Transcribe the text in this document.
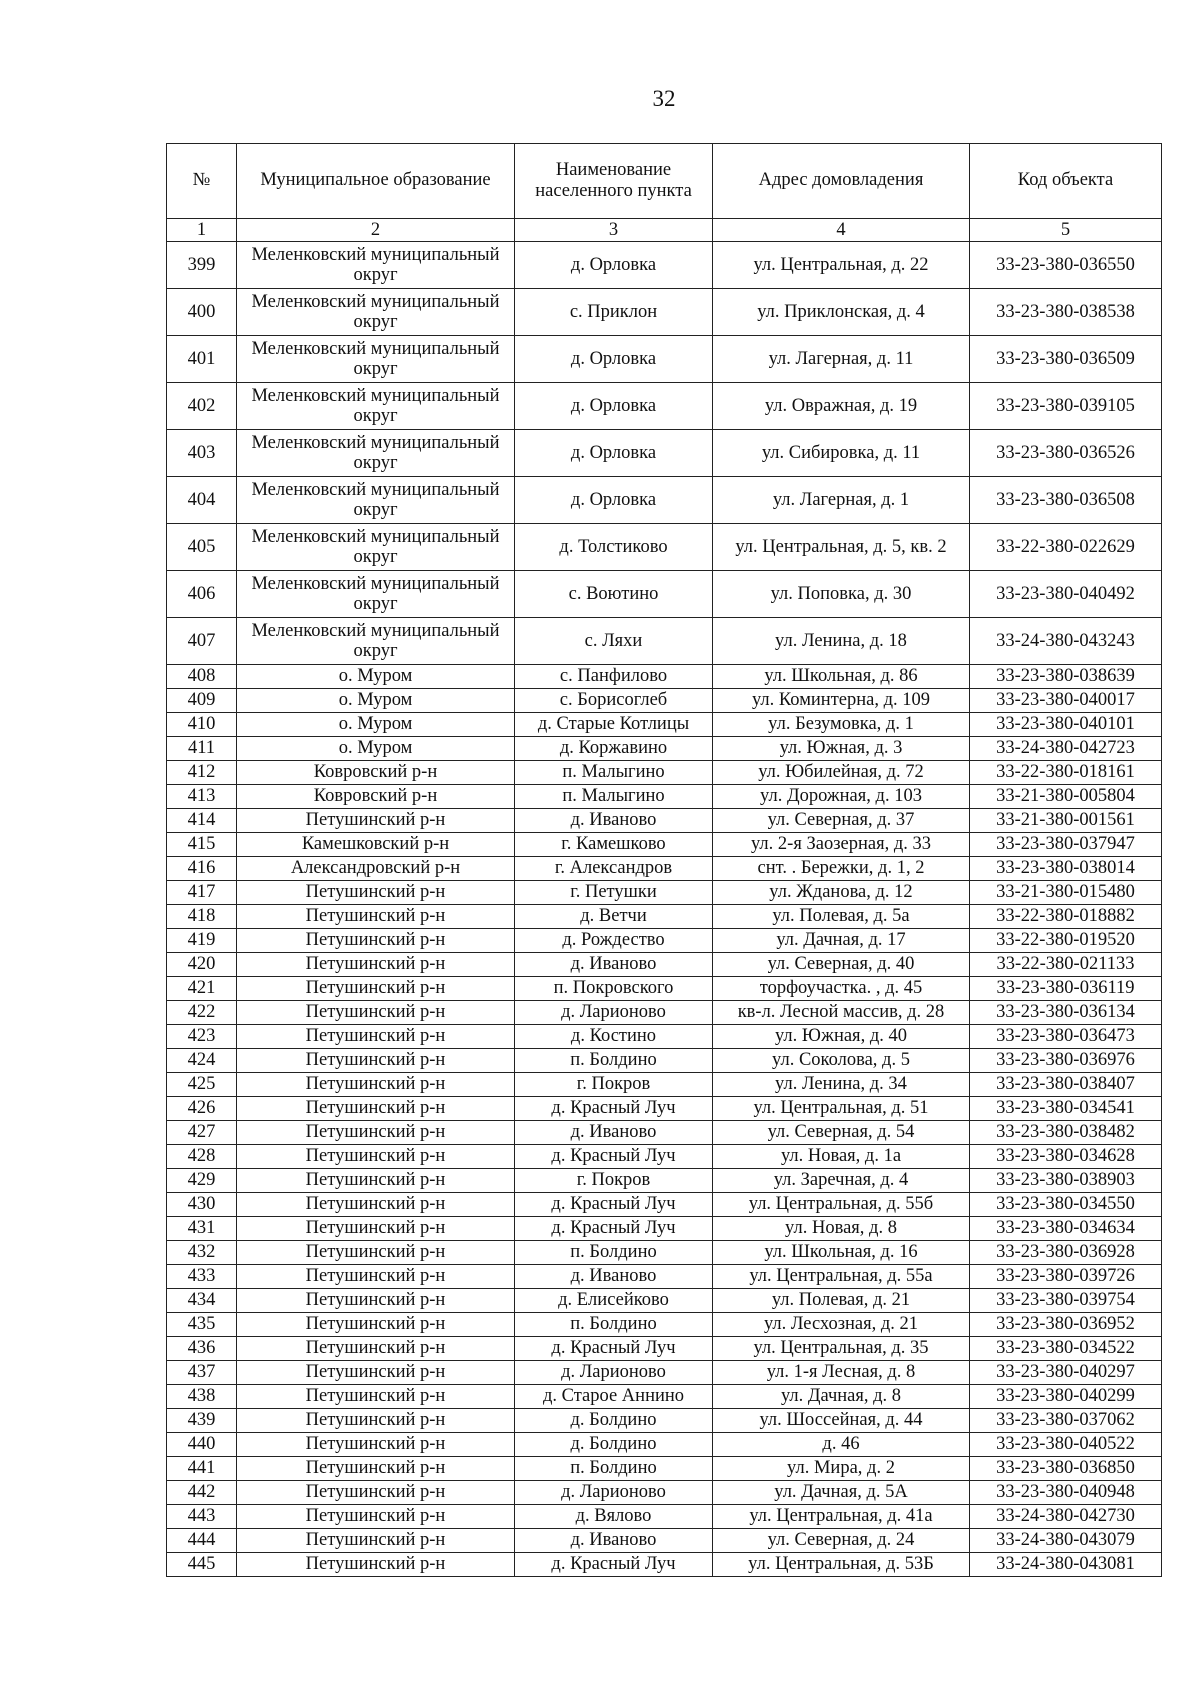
32
№	Муниципальное образование	Наименование населенного пункта	Адрес домовладения	Код объекта
1	2	3	4	5
399	Меленковский муниципальный округ	д. Орловка	ул. Центральная, д. 22	33-23-380-036550
400	Меленковский муниципальный округ	с. Приклон	ул. Приклонская, д. 4	33-23-380-038538
401	Меленковский муниципальный округ	д. Орловка	ул. Лагерная, д. 11	33-23-380-036509
402	Меленковский муниципальный округ	д. Орловка	ул. Овражная, д. 19	33-23-380-039105
403	Меленковский муниципальный округ	д. Орловка	ул. Сибировка, д. 11	33-23-380-036526
404	Меленковский муниципальный округ	д. Орловка	ул. Лагерная, д. 1	33-23-380-036508
405	Меленковский муниципальный округ	д. Толстиково	ул. Центральная, д. 5, кв. 2	33-22-380-022629
406	Меленковский муниципальный округ	с. Воютино	ул. Поповка, д. 30	33-23-380-040492
407	Меленковский муниципальный округ	с. Ляхи	ул. Ленина, д. 18	33-24-380-043243
408	о. Муром	с. Панфилово	ул. Школьная, д. 86	33-23-380-038639
409	о. Муром	с. Борисоглеб	ул. Коминтерна, д. 109	33-23-380-040017
410	о. Муром	д. Старые Котлицы	ул. Безумовка, д. 1	33-23-380-040101
411	о. Муром	д. Коржавино	ул. Южная, д. 3	33-24-380-042723
412	Ковровский р-н	п. Малыгино	ул. Юбилейная, д. 72	33-22-380-018161
413	Ковровский р-н	п. Малыгино	ул. Дорожная, д. 103	33-21-380-005804
414	Петушинский р-н	д. Иваново	ул. Северная, д. 37	33-21-380-001561
415	Камешковский р-н	г. Камешково	ул. 2-я Заозерная, д. 33	33-23-380-037947
416	Александровский р-н	г. Александров	снт. . Бережки, д. 1, 2	33-23-380-038014
417	Петушинский р-н	г. Петушки	ул. Жданова, д. 12	33-21-380-015480
418	Петушинский р-н	д. Ветчи	ул. Полевая, д. 5а	33-22-380-018882
419	Петушинский р-н	д. Рождество	ул. Дачная, д. 17	33-22-380-019520
420	Петушинский р-н	д. Иваново	ул. Северная, д. 40	33-22-380-021133
421	Петушинский р-н	п. Покровского	торфоучастка. , д. 45	33-23-380-036119
422	Петушинский р-н	д. Ларионово	кв-л. Лесной массив, д. 28	33-23-380-036134
423	Петушинский р-н	д. Костино	ул. Южная, д. 40	33-23-380-036473
424	Петушинский р-н	п. Болдино	ул. Соколова, д. 5	33-23-380-036976
425	Петушинский р-н	г. Покров	ул. Ленина, д. 34	33-23-380-038407
426	Петушинский р-н	д. Красный Луч	ул. Центральная, д. 51	33-23-380-034541
427	Петушинский р-н	д. Иваново	ул. Северная, д. 54	33-23-380-038482
428	Петушинский р-н	д. Красный Луч	ул. Новая, д. 1а	33-23-380-034628
429	Петушинский р-н	г. Покров	ул. Заречная, д. 4	33-23-380-038903
430	Петушинский р-н	д. Красный Луч	ул. Центральная, д. 55б	33-23-380-034550
431	Петушинский р-н	д. Красный Луч	ул. Новая, д. 8	33-23-380-034634
432	Петушинский р-н	п. Болдино	ул. Школьная, д. 16	33-23-380-036928
433	Петушинский р-н	д. Иваново	ул. Центральная, д. 55а	33-23-380-039726
434	Петушинский р-н	д. Елисейково	ул. Полевая, д. 21	33-23-380-039754
435	Петушинский р-н	п. Болдино	ул. Лесхозная, д. 21	33-23-380-036952
436	Петушинский р-н	д. Красный Луч	ул. Центральная, д. 35	33-23-380-034522
437	Петушинский р-н	д. Ларионово	ул. 1-я Лесная, д. 8	33-23-380-040297
438	Петушинский р-н	д. Старое Аннино	ул. Дачная, д. 8	33-23-380-040299
439	Петушинский р-н	д. Болдино	ул. Шоссейная, д. 44	33-23-380-037062
440	Петушинский р-н	д. Болдино	д. 46	33-23-380-040522
441	Петушинский р-н	п. Болдино	ул. Мира, д. 2	33-23-380-036850
442	Петушинский р-н	д. Ларионово	ул. Дачная, д. 5А	33-23-380-040948
443	Петушинский р-н	д. Вялово	ул. Центральная, д. 41а	33-24-380-042730
444	Петушинский р-н	д. Иваново	ул. Северная, д. 24	33-24-380-043079
445	Петушинский р-н	д. Красный Луч	ул. Центральная, д. 53Б	33-24-380-043081
